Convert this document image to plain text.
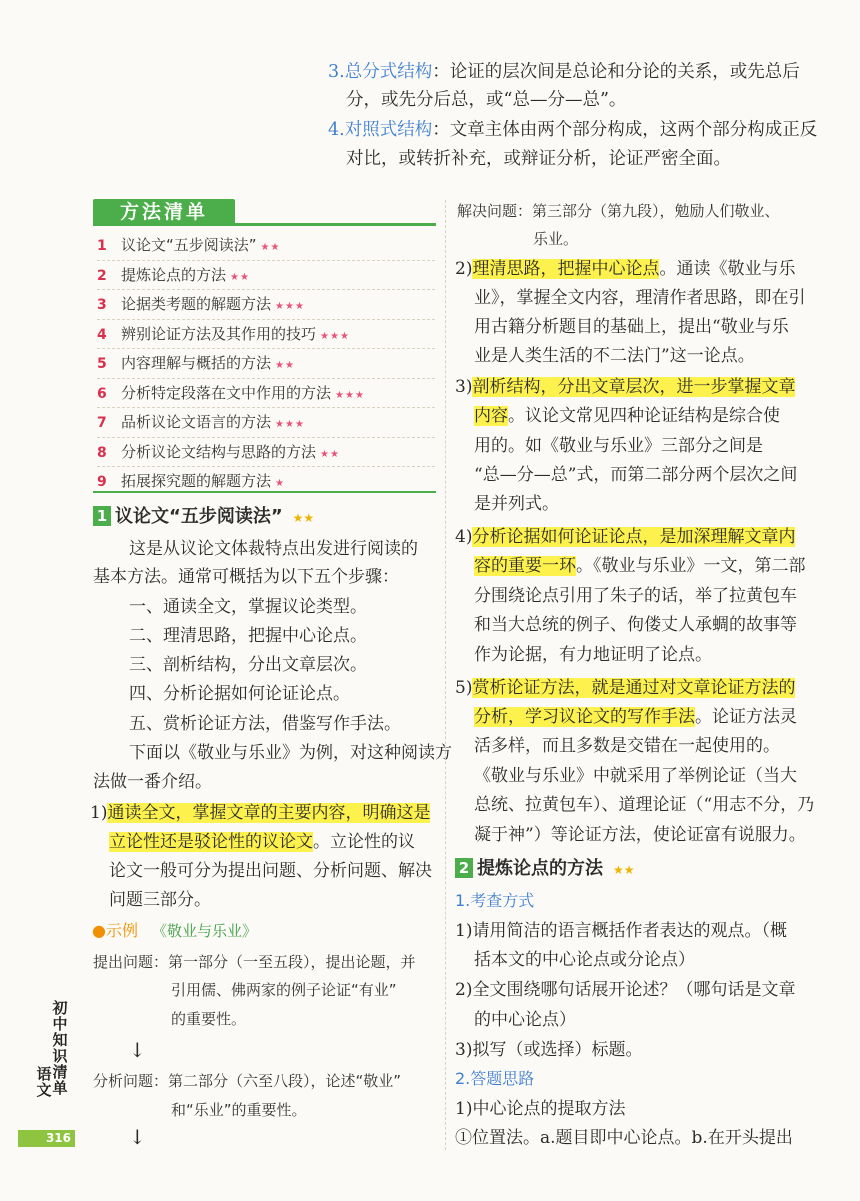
3.总分式结构：论证的层次间是总论和分论的关系，或先总后
分，或先分后总，或“总—分—总”。
4.对照式结构：文章主体由两个部分构成，这两个部分构成正反
对比，或转折补充，或辩证分析，论证严密全面。
方法清单
1 议论文“五步阅读法” ★★
2 提炼论点的方法 ★★
3 论据类考题的解题方法 ★★★
4 辨别论证方法及其作用的技巧 ★★★
5 内容理解与概括的方法 ★★
6 分析特定段落在文中作用的方法 ★★★
7 品析议论文语言的方法 ★★★
8 分析议论文结构与思路的方法 ★★
9 拓展探究题的解题方法 ★
1 议论文“五步阅读法” ★★
这是从议论文体裁特点出发进行阅读的
基本方法。通常可概括为以下五个步骤：
一、通读全文，掌握议论类型。
二、理清思路，把握中心论点。
三、剖析结构，分出文章层次。
四、分析论据如何论证论点。
五、赏析论证方法，借鉴写作手法。
下面以《敬业与乐业》为例，对这种阅读方
法做一番介绍。
1)通读全文，掌握文章的主要内容，明确这是
立论性还是驳论性的议论文。立论性的议
论文一般可分为提出问题、分析问题、解决
问题三部分。
●示例 《敬业与乐业》
提出问题：第一部分（一至五段），提出论题，并
引用儒、佛两家的例子论证“有业”
的重要性。
↓
分析问题：第二部分（六至八段），论述“敬业”
和“乐业”的重要性。
↓
解决问题：第三部分（第九段），勉励人们敬业、
乐业。
2)理清思路，把握中心论点。通读《敬业与乐
业》，掌握全文内容，理清作者思路，即在引
用古籍分析题目的基础上，提出“敬业与乐
业是人类生活的不二法门”这一论点。
3)剖析结构，分出文章层次，进一步掌握文章
内容。议论文常见四种论证结构是综合使
用的。如《敬业与乐业》三部分之间是
“总—分—总”式，而第二部分两个层次之间
是并列式。
4)分析论据如何论证论点，是加深理解文章内
容的重要一环。《敬业与乐业》一文，第二部
分围绕论点引用了朱子的话，举了拉黄包车
和当大总统的例子、佝偻丈人承蜩的故事等
作为论据，有力地证明了论点。
5)赏析论证方法，就是通过对文章论证方法的
分析，学习议论文的写作手法。论证方法灵
活多样，而且多数是交错在一起使用的。
《敬业与乐业》中就采用了举例论证（当大
总统、拉黄包车）、道理论证（“用志不分，乃
凝于神”）等论证方法，使论证富有说服力。
2 提炼论点的方法 ★★
1.考查方式
1)请用简洁的语言概括作者表达的观点。（概
括本文的中心论点或分论点）
2)全文围绕哪句话展开论述？（哪句话是文章
的中心论点）
3)拟写（或选择）标题。
2.答题思路
1)中心论点的提取方法
①位置法。a.题目即中心论点。b.在开头提出
初
中
知
识
清
单
语
文
316
